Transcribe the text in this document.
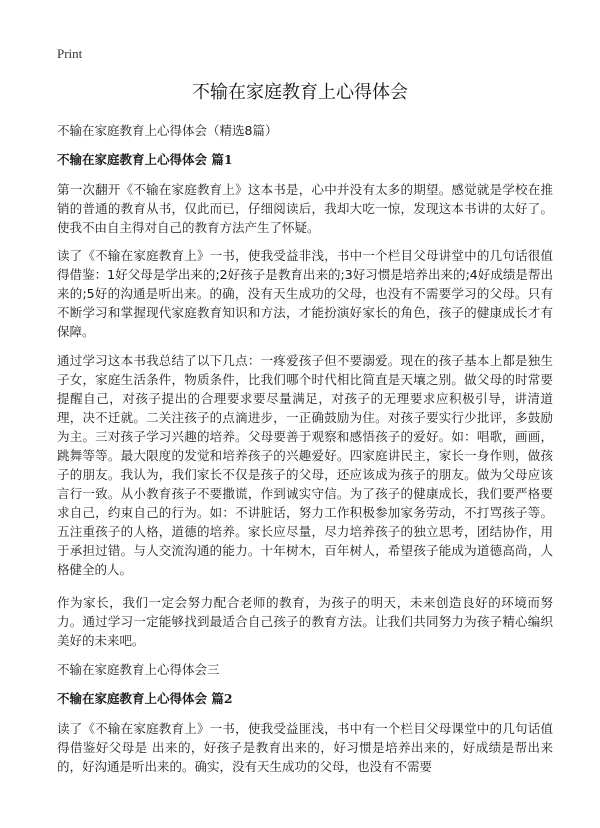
Print
不输在家庭教育上心得体会

不输在家庭教育上心得体会（精选8篇）

不输在家庭教育上心得体会 篇1

第一次翻开《不输在家庭教育上》这本书是，心中并没有太多的期望。感觉就是学校在推销的普通的教育从书，仅此而已，仔细阅读后，我却大吃一惊，发现这本书讲的太好了。使我不由自主得对自己的教育方法产生了怀疑。

读了《不输在家庭教育上》一书，使我受益非浅，书中一个栏目父母讲堂中的几句话很值得借鉴：1好父母是学出来的;2好孩子是教育出来的;3好习惯是培养出来的;4好成绩是帮出来的;5好的沟通是听出来。的确，没有天生成功的父母，也没有不需要学习的父母。只有不断学习和掌握现代家庭教育知识和方法，才能扮演好家长的角色，孩子的健康成长才有保障。

通过学习这本书我总结了以下几点：一疼爱孩子但不要溺爱。现在的孩子基本上都是独生子女，家庭生活条件，物质条件，比我们哪个时代相比简直是天壤之别。做父母的时常要提醒自己，对孩子提出的合理要求要尽量满足，对孩子的无理要求应积极引导，讲清道理，决不迁就。二关注孩子的点滴进步，一正确鼓励为住。对孩子要实行少批评，多鼓励为主。三对孩子学习兴趣的培养。父母要善于观察和感悟孩子的爱好。如：唱歌，画画，跳舞等等。最大限度的发觉和培养孩子的兴趣爱好。四家庭讲民主，家长一身作则，做孩子的朋友。我认为，我们家长不仅是孩子的父母，还应该成为孩子的朋友。做为父母应该言行一致。从小教育孩子不要撒谎，作到诚实守信。为了孩子的健康成长，我们要严格要求自己，约束自己的行为。如：不讲脏话，努力工作积极参加家务劳动，不打骂孩子等。五注重孩子的人格，道德的培养。家长应尽量，尽力培养孩子的独立思考，团结协作，用于承担过错。与人交流沟通的能力。十年树木，百年树人，希望孩子能成为道德高尚，人格健全的人。

作为家长，我们一定会努力配合老师的教育，为孩子的明天，未来创造良好的环境而努力。通过学习一定能够找到最适合自己孩子的教育方法。让我们共同努力为孩子精心编织美好的未来吧。

不输在家庭教育上心得体会三

不输在家庭教育上心得体会 篇2

读了《不输在家庭教育上》一书，使我受益匪浅，书中有一个栏目父母课堂中的几句话值得借鉴好父母是 出来的，好孩子是教育出来的，好习惯是培养出来的，好成绩是帮出来的，好沟通是听出来的。确实，没有天生成功的父母，也没有不需要
